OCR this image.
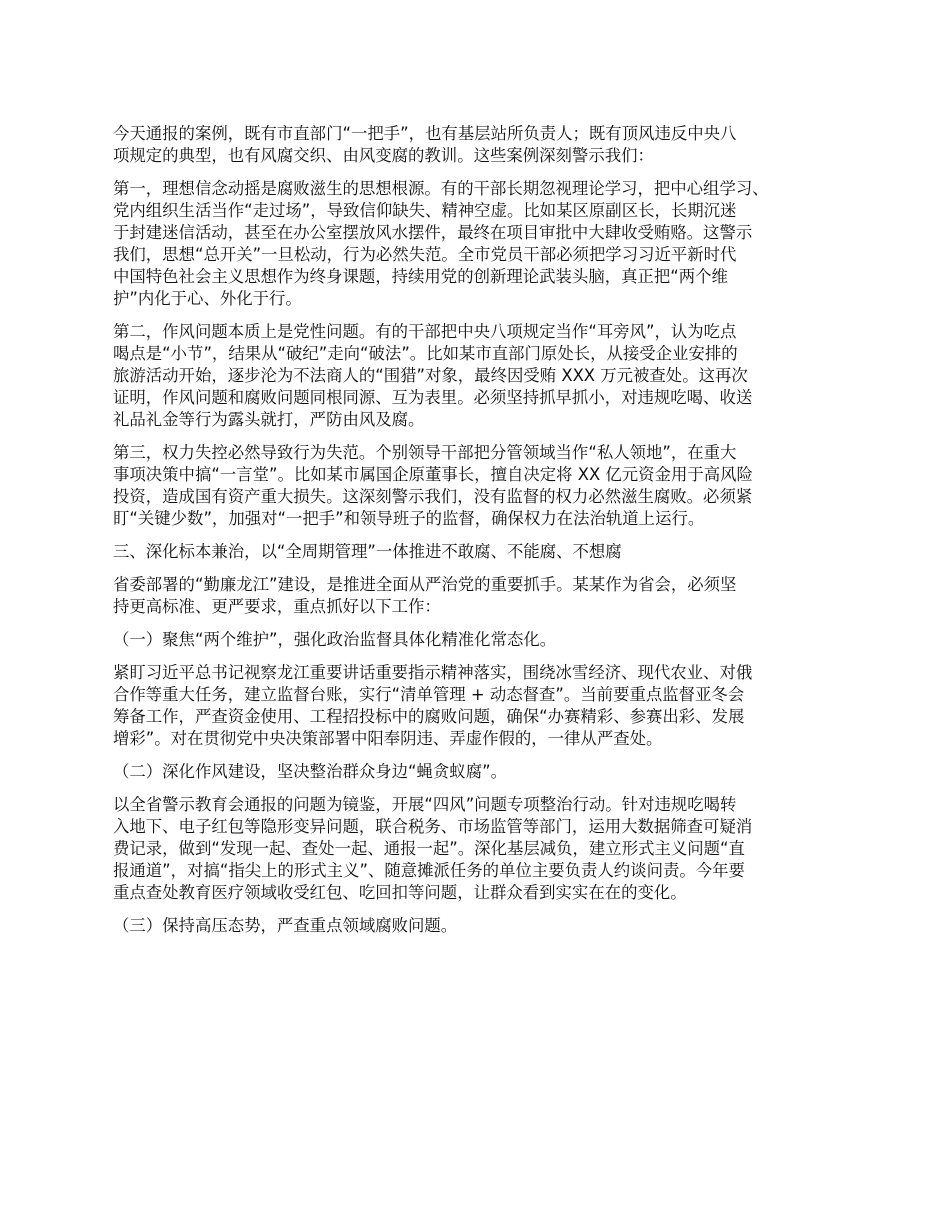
今天通报的案例，既有市直部门“一把手”，也有基层站所负责人；既有顶风违反中央八
项规定的典型，也有风腐交织、由风变腐的教训。这些案例深刻警示我们：

第一，理想信念动摇是腐败滋生的思想根源。有的干部长期忽视理论学习，把中心组学习、
党内组织生活当作“走过场”，导致信仰缺失、精神空虚。比如某区原副区长，长期沉迷
于封建迷信活动，甚至在办公室摆放风水摆件，最终在项目审批中大肆收受贿赂。这警示
我们，思想“总开关”一旦松动，行为必然失范。全市党员干部必须把学习习近平新时代
中国特色社会主义思想作为终身课题，持续用党的创新理论武装头脑，真正把“两个维
护”内化于心、外化于行。

第二，作风问题本质上是党性问题。有的干部把中央八项规定当作“耳旁风”，认为吃点
喝点是“小节”，结果从“破纪”走向“破法”。比如某市直部门原处长，从接受企业安排的
旅游活动开始，逐步沦为不法商人的“围猎”对象，最终因受贿 XXX 万元被查处。这再次
证明，作风问题和腐败问题同根同源、互为表里。必须坚持抓早抓小，对违规吃喝、收送
礼品礼金等行为露头就打，严防由风及腐。

第三，权力失控必然导致行为失范。个别领导干部把分管领域当作“私人领地”，在重大
事项决策中搞“一言堂”。比如某市属国企原董事长，擅自决定将 XX 亿元资金用于高风险
投资，造成国有资产重大损失。这深刻警示我们，没有监督的权力必然滋生腐败。必须紧
盯“关键少数”，加强对“一把手”和领导班子的监督，确保权力在法治轨道上运行。

三、深化标本兼治，以“全周期管理”一体推进不敢腐、不能腐、不想腐

省委部署的“勤廉龙江”建设，是推进全面从严治党的重要抓手。某某作为省会，必须坚
持更高标准、更严要求，重点抓好以下工作：

（一）聚焦“两个维护”，强化政治监督具体化精准化常态化。

紧盯习近平总书记视察龙江重要讲话重要指示精神落实，围绕冰雪经济、现代农业、对俄
合作等重大任务，建立监督台账，实行“清单管理 + 动态督查”。当前要重点监督亚冬会
筹备工作，严查资金使用、工程招投标中的腐败问题，确保“办赛精彩、参赛出彩、发展
增彩”。对在贯彻党中央决策部署中阳奉阴违、弄虚作假的，一律从严查处。

（二）深化作风建设，坚决整治群众身边“蝇贪蚁腐”。

以全省警示教育会通报的问题为镜鉴，开展“四风”问题专项整治行动。针对违规吃喝转
入地下、电子红包等隐形变异问题，联合税务、市场监管等部门，运用大数据筛查可疑消
费记录，做到“发现一起、查处一起、通报一起”。深化基层减负，建立形式主义问题“直
报通道”，对搞“指尖上的形式主义”、随意摊派任务的单位主要负责人约谈问责。今年要
重点查处教育医疗领域收受红包、吃回扣等问题，让群众看到实实在在的变化。

（三）保持高压态势，严查重点领域腐败问题。
